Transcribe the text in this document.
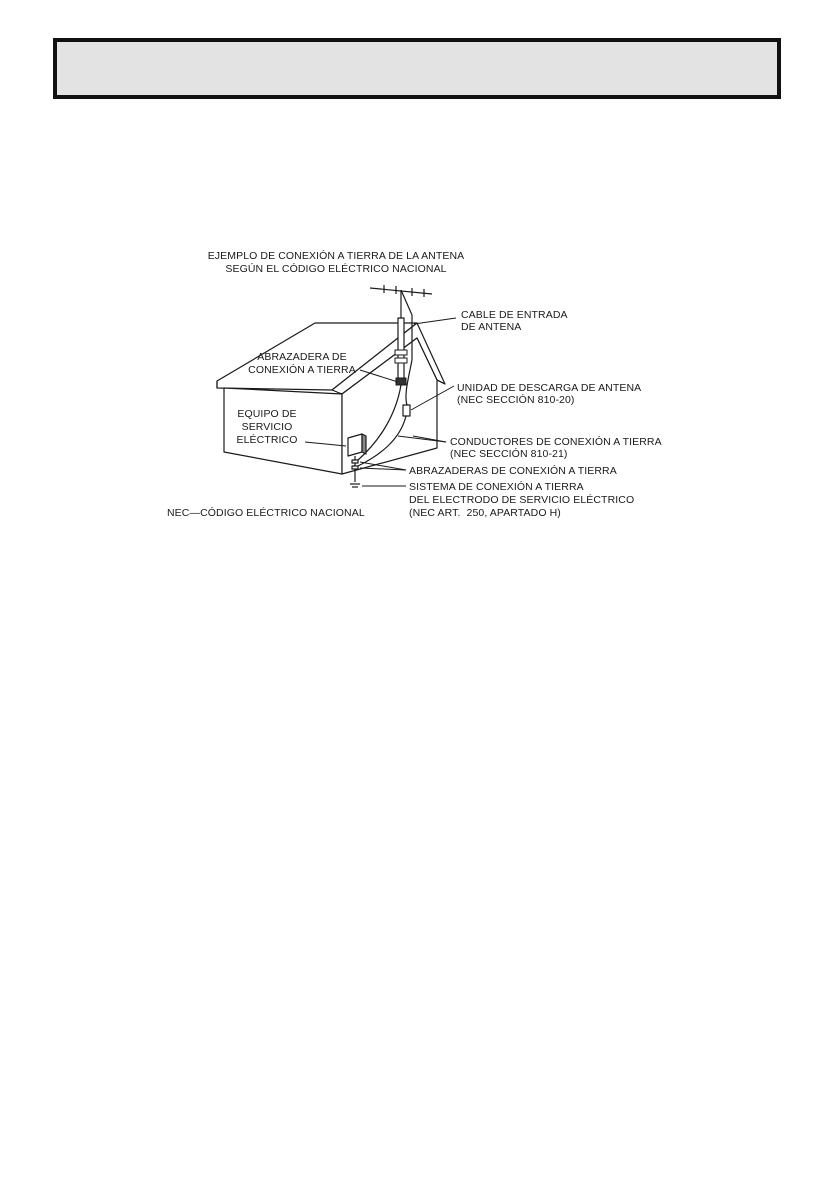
EJEMPLO DE CONEXIÓN A TIERRA DE LA ANTENA
SEGÚN EL CÓDIGO ELÉCTRICO NACIONAL
CABLE DE ENTRADA
DE ANTENA
ABRAZADERA DE
CONEXIÓN A TIERRA
UNIDAD DE DESCARGA DE ANTENA
(NEC SECCIÓN 810-20)
EQUIPO DE
SERVICIO
ELÉCTRICO	CONDUCTORES DE CONEXIÓN A TIERRA
(NEC SECCIÓN 810-21)
ABRAZADERAS DE CONEXIÓN A TIERRA
SISTEMA DE CONEXIÓN A TIERRA
DEL ELECTRODO DE SERVICIO ELÉCTRICO
(NEC ART.  250, APARTADO H)
NEC—CÓDIGO ELÉCTRICO NACIONAL
